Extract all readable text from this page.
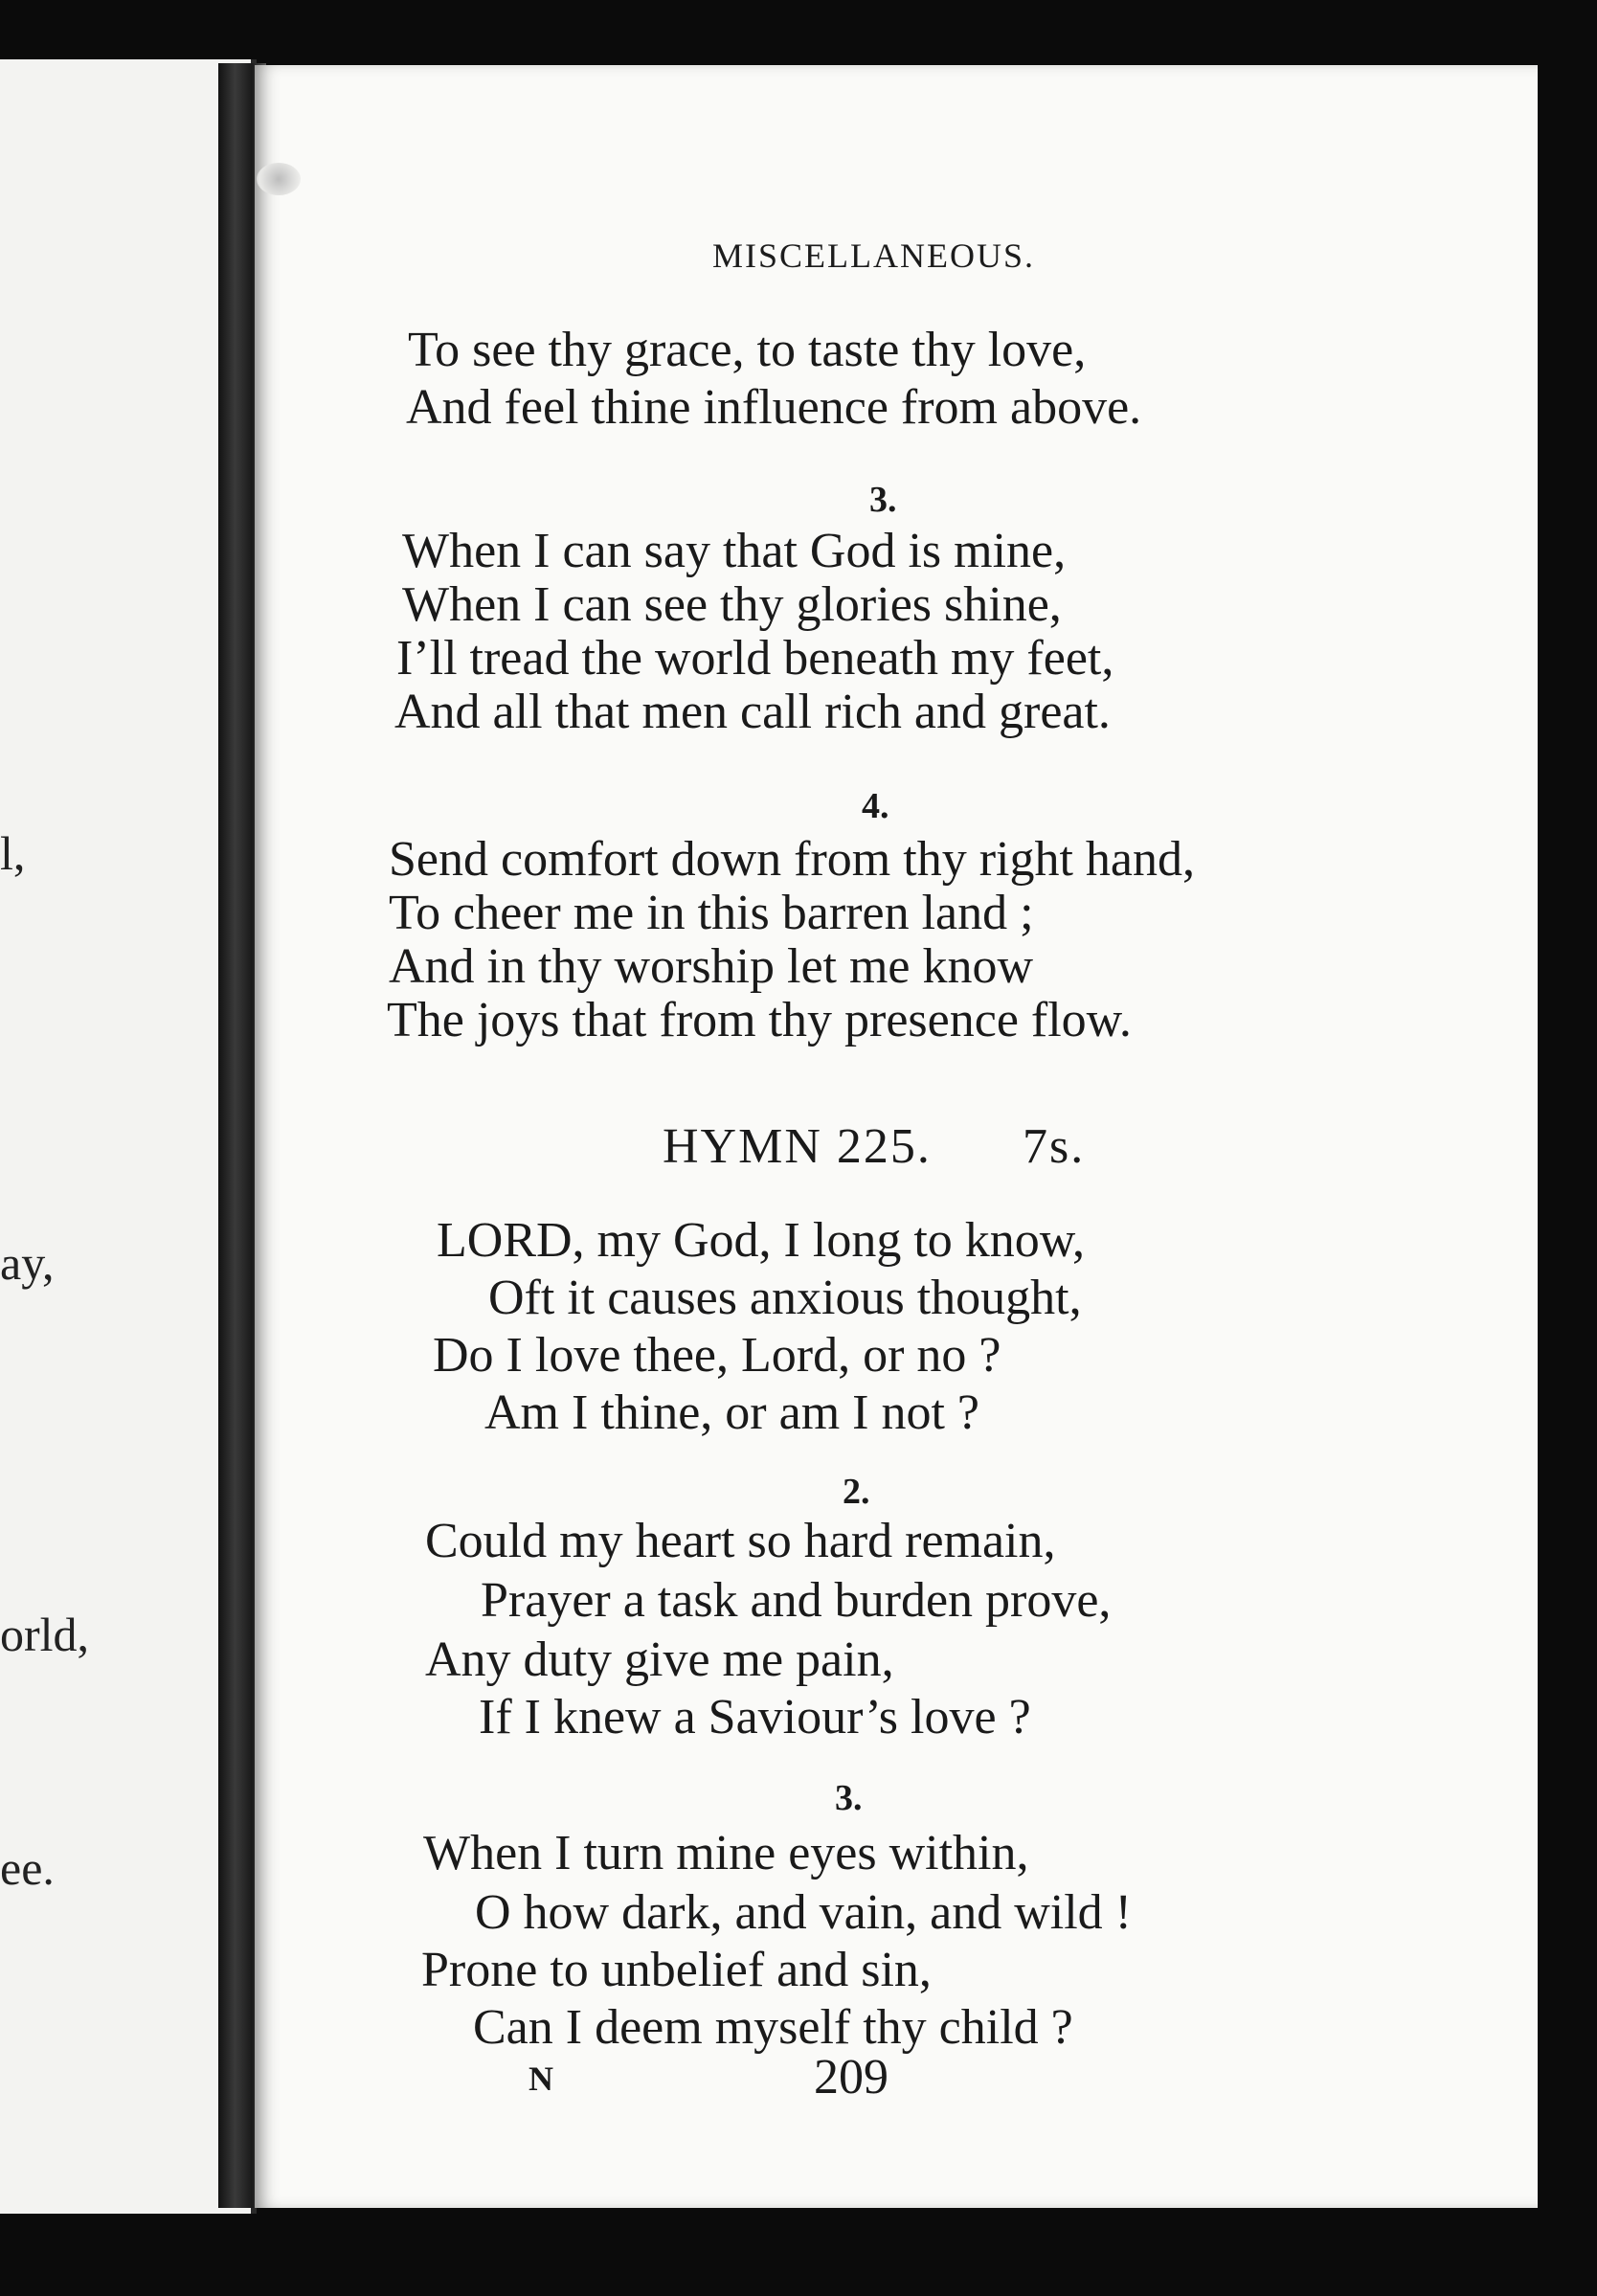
l,
ay,
orld,
ee.
MISCELLANEOUS.
To see thy grace, to taste thy love,
And feel thine influence from above.
3.
When I can say that God is mine,
When I can see thy glories shine,
I’ll tread the world beneath my feet,
And all that men call rich and great.
4.
Send comfort down from thy right hand,
To cheer me in this barren land ;
And in thy worship let me know
The joys that from thy presence flow.
HYMN 225. 7s.
LORD, my God, I long to know,
Oft it causes anxious thought,
Do I love thee, Lord, or no ?
Am I thine, or am I not ?
2.
Could my heart so hard remain,
Prayer a task and burden prove,
Any duty give me pain,
If I knew a Saviour’s love ?
3.
When I turn mine eyes within,
O how dark, and vain, and wild !
Prone to unbelief and sin,
Can I deem myself thy child ?
N	209
